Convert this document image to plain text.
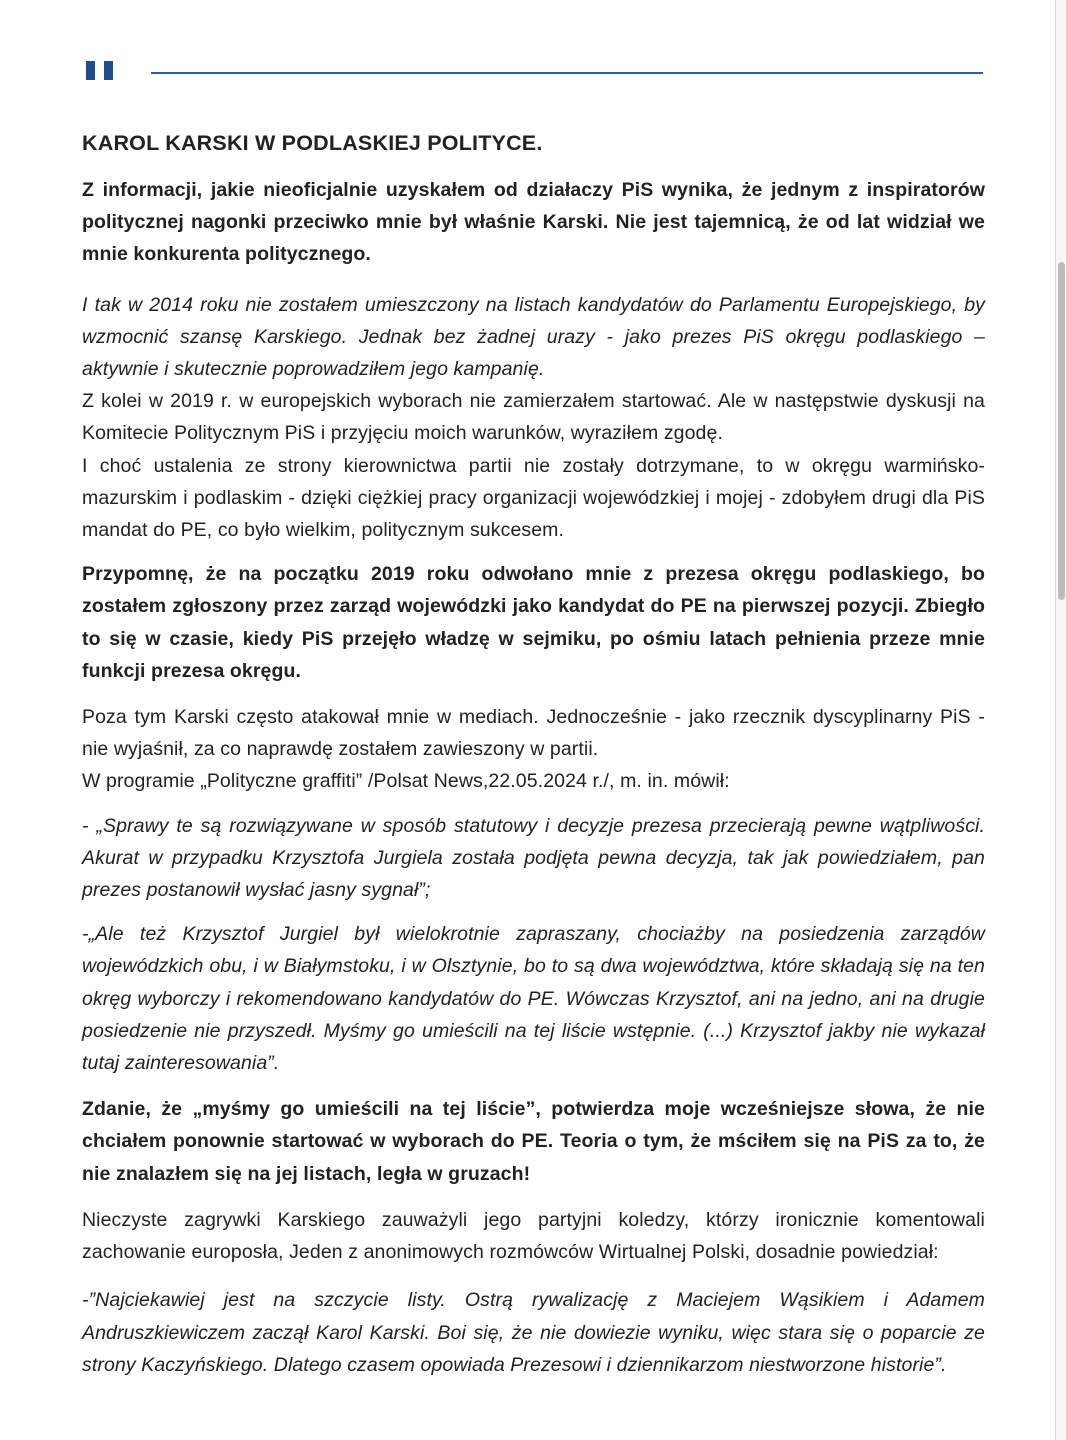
KAROL KARSKI W PODLASKIEJ POLITYCE.

Z informacji, jakie nieoficjalnie uzyskałem od działaczy PiS wynika, że jednym z inspiratorów politycznej nagonki przeciwko mnie był właśnie Karski. Nie jest tajemnicą, że od lat widział we mnie konkurenta politycznego.

I tak w 2014 roku nie zostałem umieszczony na listach kandydatów do Parlamentu Europejskiego, by wzmocnić szansę Karskiego. Jednak bez żadnej urazy - jako prezes PiS okręgu podlaskiego – aktywnie i skutecznie poprowadziłem jego kampanię.

Z kolei w 2019 r. w europejskich wyborach nie zamierzałem startować. Ale w następstwie dyskusji na Komitecie Politycznym PiS i przyjęciu moich warunków, wyraziłem zgodę.

I choć ustalenia ze strony kierownictwa partii nie zostały dotrzymane, to w okręgu warmińsko-mazurskim i podlaskim - dzięki ciężkiej pracy organizacji wojewódzkiej i mojej - zdobyłem drugi dla PiS mandat do PE, co było wielkim, politycznym sukcesem.

Przypomnę, że na początku 2019 roku odwołano mnie z prezesa okręgu podlaskiego, bo zostałem zgłoszony przez zarząd wojewódzki jako kandydat do PE na pierwszej pozycji. Zbiegło to się w czasie, kiedy PiS przejęło władzę w sejmiku, po ośmiu latach pełnienia przeze mnie funkcji prezesa okręgu.

Poza tym Karski często atakował mnie w mediach. Jednocześnie - jako rzecznik dyscyplinarny PiS - nie wyjaśnił, za co naprawdę zostałem zawieszony w partii.

W programie „Polityczne graffiti” /Polsat News,22.05.2024 r./, m. in. mówił:

- „Sprawy te są rozwiązywane w sposób statutowy i decyzje prezesa przecierają pewne wątpliwości. Akurat w przypadku Krzysztofa Jurgiela została podjęta pewna decyzja, tak jak powiedziałem, pan prezes postanowił wysłać jasny sygnał”;

-„Ale też Krzysztof Jurgiel był wielokrotnie zapraszany, chociażby na posiedzenia zarządów wojewódzkich obu, i w Białymstoku, i w Olsztynie, bo to są dwa województwa, które składają się na ten okręg wyborczy i rekomendowano kandydatów do PE. Wówczas Krzysztof, ani na jedno, ani na drugie posiedzenie nie przyszedł. Myśmy go umieścili na tej liście wstępnie. (...) Krzysztof jakby nie wykazał tutaj zainteresowania”.

Zdanie, że „myśmy go umieścili na tej liście”, potwierdza moje wcześniejsze słowa, że nie chciałem ponownie startować w wyborach do PE. Teoria o tym, że mściłem się na PiS za to, że nie znalazłem się na jej listach, legła w gruzach!

Nieczyste zagrywki Karskiego zauważyli jego partyjni koledzy, którzy ironicznie komentowali zachowanie europosła, Jeden z anonimowych rozmówców Wirtualnej Polski, dosadnie powiedział:

-”Najciekawiej jest na szczycie listy. Ostrą rywalizację z Maciejem Wąsikiem i Adamem Andruszkiewiczem zaczął Karol Karski. Boi się, że nie dowiezie wyniku, więc stara się o poparcie ze strony Kaczyńskiego. Dlatego czasem opowiada Prezesowi i dziennikarzom niestworzone historie”.
